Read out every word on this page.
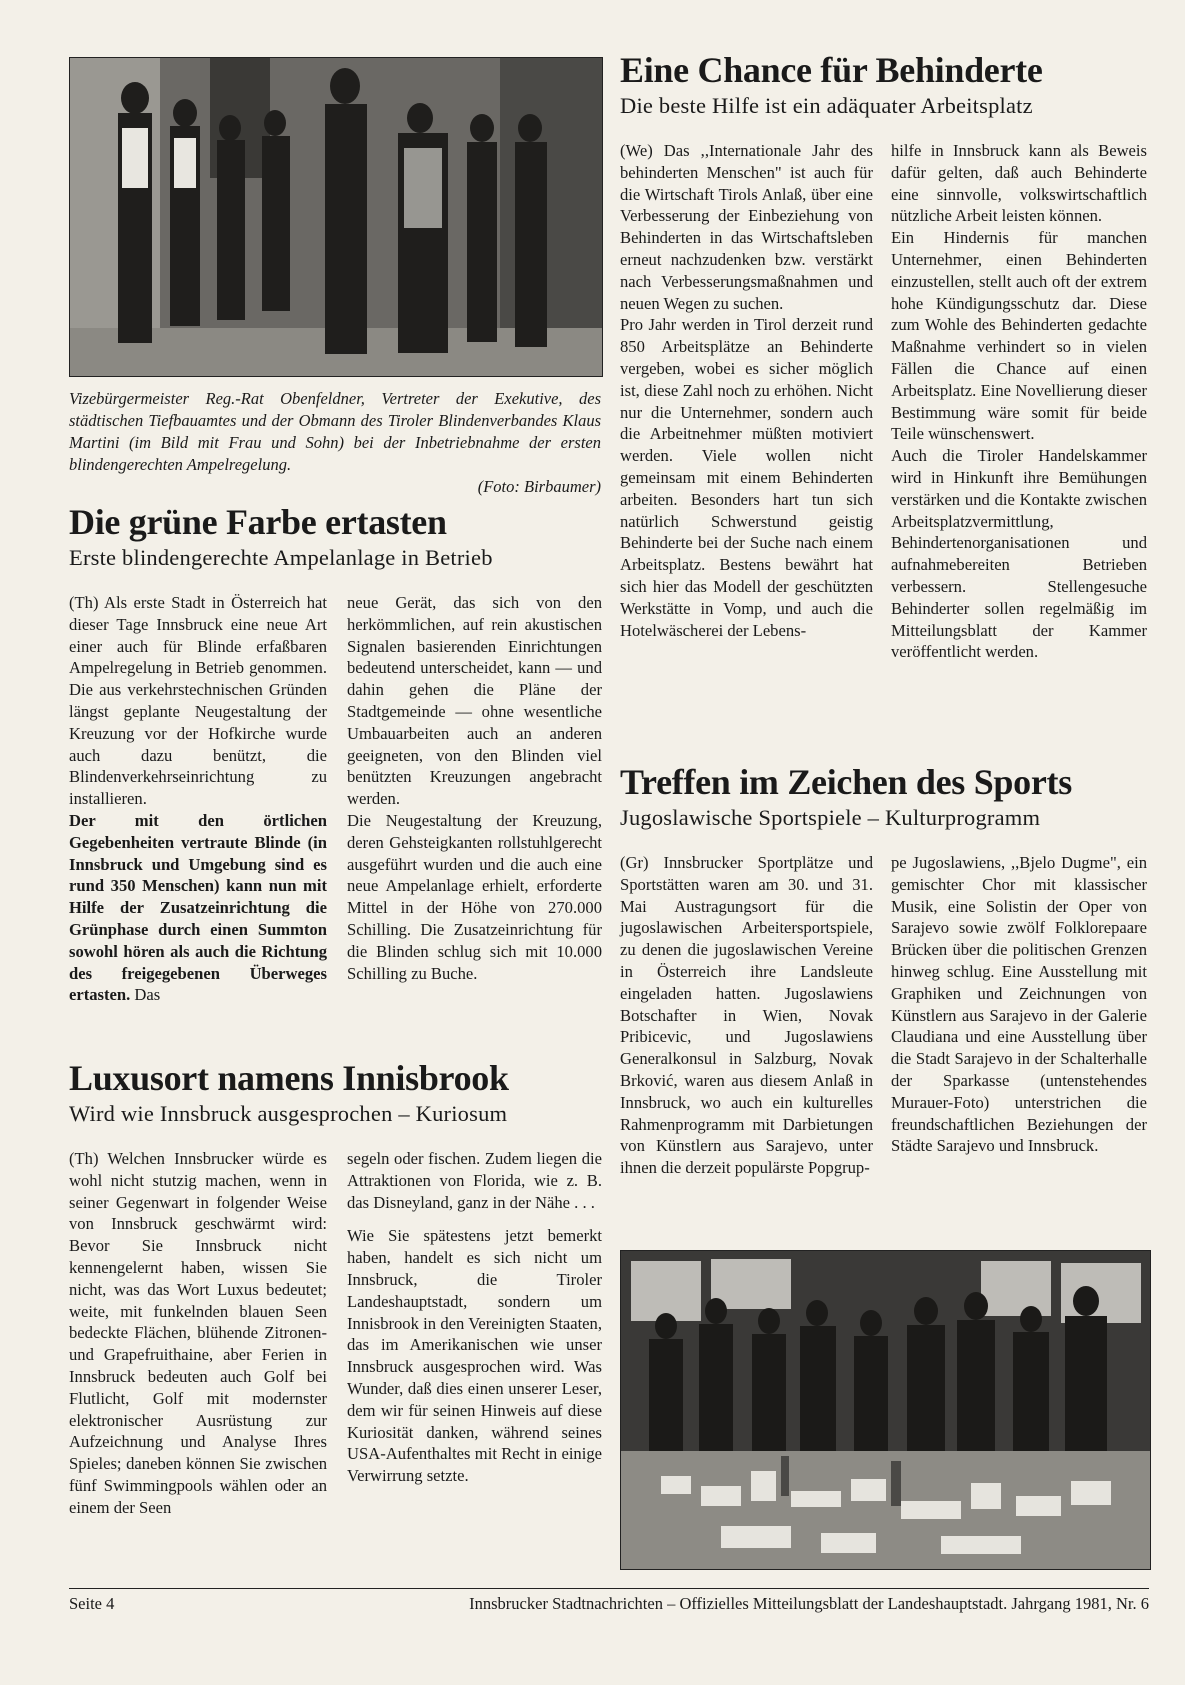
Vizebürgermeister Reg.-Rat Obenfeldner, Vertreter der Exekutive, des städtischen Tiefbauamtes und der Obmann des Tiroler Blindenverbandes Klaus Martini (im Bild mit Frau und Sohn) bei der Inbetriebnahme der ersten blindengerechten Ampelregelung.
(Foto: Birbaumer)

Die grüne Farbe ertasten
Erste blindengerechte Ampelanlage in Betrieb

(Th) Als erste Stadt in Österreich hat dieser Tage Innsbruck eine neue Art einer auch für Blinde erfaßbaren Ampelregelung in Betrieb genommen. Die aus verkehrstechnischen Gründen längst geplante Neugestaltung der Kreuzung vor der Hofkirche wurde auch dazu benützt, die Blindenverkehrseinrichtung zu installieren.

Der mit den örtlichen Gegebenheiten vertraute Blinde (in Innsbruck und Umgebung sind es rund 350 Menschen) kann nun mit Hilfe der Zusatzeinrichtung die Grünphase durch einen Summton sowohl hören als auch die Richtung des freigegebenen Überweges ertasten. Das

neue Gerät, das sich von den herkömmlichen, auf rein akustischen Signalen basierenden Einrichtungen bedeutend unterscheidet, kann — und dahin gehen die Pläne der Stadtgemeinde — ohne wesentliche Umbauarbeiten auch an anderen geeigneten, von den Blinden viel benützten Kreuzungen angebracht werden.

Die Neugestaltung der Kreuzung, deren Gehsteigkanten rollstuhlgerecht ausgeführt wurden und die auch eine neue Ampelanlage erhielt, erforderte Mittel in der Höhe von 270.000 Schilling. Die Zusatzeinrichtung für die Blinden schlug sich mit 10.000 Schilling zu Buche.

Luxusort namens Innisbrook
Wird wie Innsbruck ausgesprochen – Kuriosum

(Th) Welchen Innsbrucker würde es wohl nicht stutzig machen, wenn in seiner Gegenwart in folgender Weise von Innsbruck geschwärmt wird: Bevor Sie Innsbruck nicht kennengelernt haben, wissen Sie nicht, was das Wort Luxus bedeutet; weite, mit funkelnden blauen Seen bedeckte Flächen, blühende Zitronen- und Grapefruithaine, aber Ferien in Innsbruck bedeuten auch Golf bei Flutlicht, Golf mit modernster elektronischer Ausrüstung zur Aufzeichnung und Analyse Ihres Spieles; daneben können Sie zwischen fünf Swimmingpools wählen oder an einem der Seen

segeln oder fischen. Zudem liegen die Attraktionen von Florida, wie z. B. das Disneyland, ganz in der Nähe . . .

Wie Sie spätestens jetzt bemerkt haben, handelt es sich nicht um Innsbruck, die Tiroler Landeshauptstadt, sondern um Innisbrook in den Vereinigten Staaten, das im Amerikanischen wie unser Innsbruck ausgesprochen wird. Was Wunder, daß dies einen unserer Leser, dem wir für seinen Hinweis auf diese Kuriosität danken, während seines USA-Aufenthaltes mit Recht in einige Verwirrung setzte.

Eine Chance für Behinderte
Die beste Hilfe ist ein adäquater Arbeitsplatz

(We) Das ,,Internationale Jahr des behinderten Menschen" ist auch für die Wirtschaft Tirols Anlaß, über eine Verbesserung der Einbeziehung von Behinderten in das Wirtschaftsleben erneut nachzudenken bzw. verstärkt nach Verbesserungsmaßnahmen und neuen Wegen zu suchen.

Pro Jahr werden in Tirol derzeit rund 850 Arbeitsplätze an Behinderte vergeben, wobei es sicher möglich ist, diese Zahl noch zu erhöhen. Nicht nur die Unternehmer, sondern auch die Arbeitnehmer müßten motiviert werden. Viele wollen nicht gemeinsam mit einem Behinderten arbeiten. Besonders hart tun sich natürlich Schwerstund geistig Behinderte bei der Suche nach einem Arbeitsplatz. Bestens bewährt hat sich hier das Modell der geschützten Werkstätte in Vomp, und auch die Hotelwäscherei der Lebens-

hilfe in Innsbruck kann als Beweis dafür gelten, daß auch Behinderte eine sinnvolle, volkswirtschaftlich nützliche Arbeit leisten können.

Ein Hindernis für manchen Unternehmer, einen Behinderten einzustellen, stellt auch oft der extrem hohe Kündigungsschutz dar. Diese zum Wohle des Behinderten gedachte Maßnahme verhindert so in vielen Fällen die Chance auf einen Arbeitsplatz. Eine Novellierung dieser Bestimmung wäre somit für beide Teile wünschenswert.

Auch die Tiroler Handelskammer wird in Hinkunft ihre Bemühungen verstärken und die Kontakte zwischen Arbeitsplatzvermittlung, Behindertenorganisationen und aufnahmebereiten Betrieben verbessern. Stellengesuche Behinderter sollen regelmäßig im Mitteilungsblatt der Kammer veröffentlicht werden.

Treffen im Zeichen des Sports
Jugoslawische Sportspiele – Kulturprogramm

(Gr) Innsbrucker Sportplätze und Sportstätten waren am 30. und 31. Mai Austragungsort für die jugoslawischen Arbeitersportspiele, zu denen die jugoslawischen Vereine in Österreich ihre Landsleute eingeladen hatten. Jugoslawiens Botschafter in Wien, Novak Pribicevic, und Jugoslawiens Generalkonsul in Salzburg, Novak Brković, waren aus diesem Anlaß in Innsbruck, wo auch ein kulturelles Rahmenprogramm mit Darbietungen von Künstlern aus Sarajevo, unter ihnen die derzeit populärste Popgrup-

pe Jugoslawiens, ,,Bjelo Dugme", ein gemischter Chor mit klassischer Musik, eine Solistin der Oper von Sarajevo sowie zwölf Folklorepaare Brücken über die politischen Grenzen hinweg schlug. Eine Ausstellung mit Graphiken und Zeichnungen von Künstlern aus Sarajevo in der Galerie Claudiana und eine Ausstellung über die Stadt Sarajevo in der Schalterhalle der Sparkasse (untenstehendes Murauer-Foto) unterstrichen die freundschaftlichen Beziehungen der Städte Sarajevo und Innsbruck.

Seite 4	Innsbrucker Stadtnachrichten – Offizielles Mitteilungsblatt der Landeshauptstadt. Jahrgang 1981, Nr. 6
